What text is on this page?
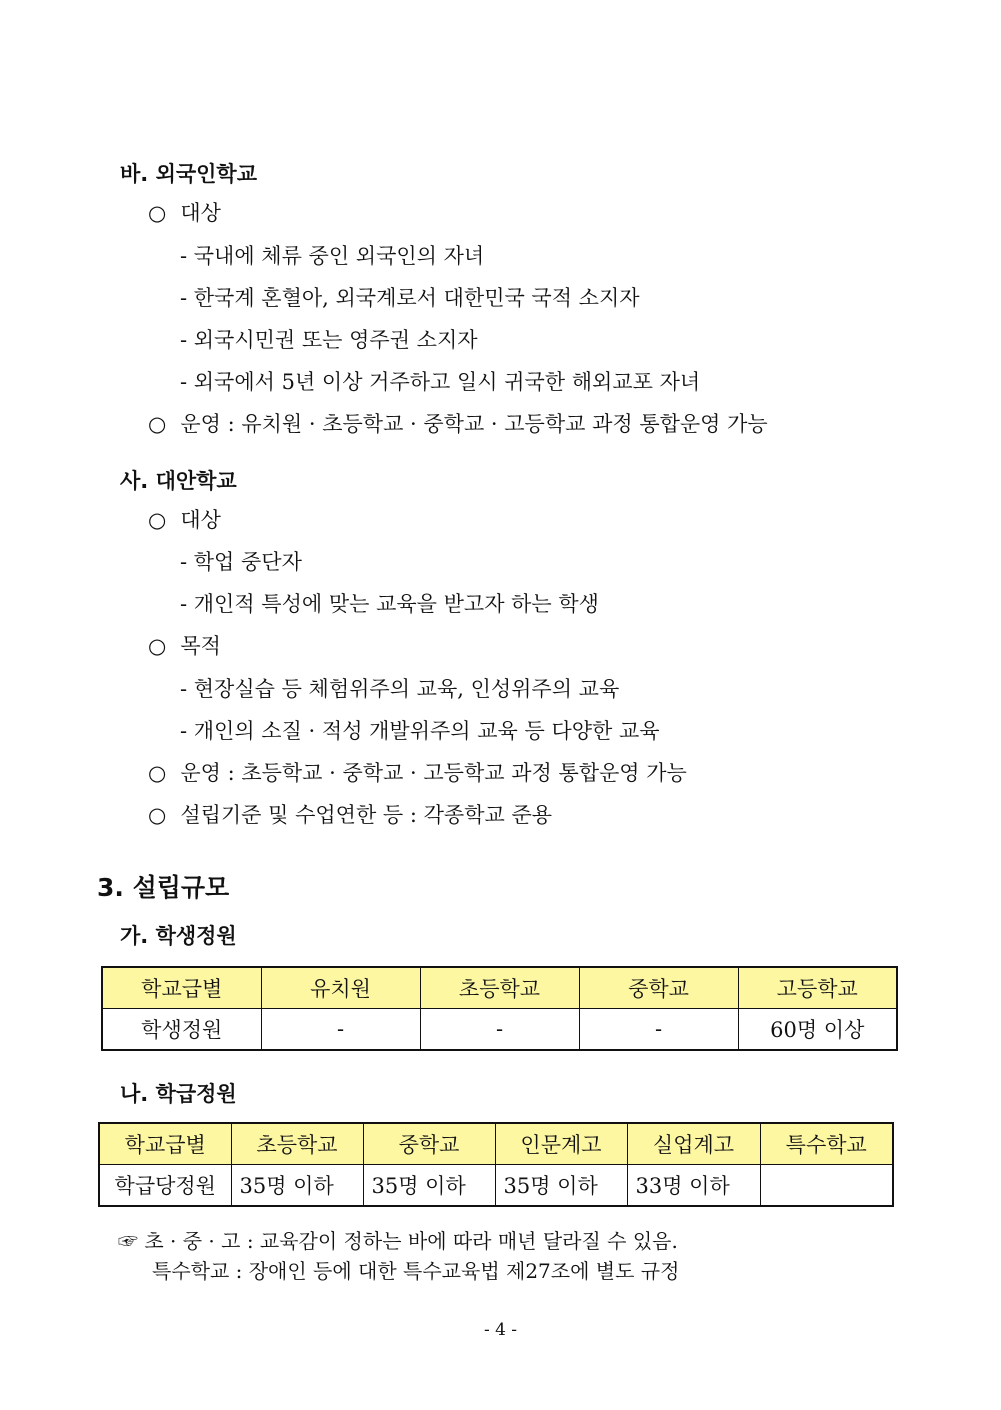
바. 외국인학교
○ 대상
- 국내에 체류 중인 외국인의 자녀
- 한국계 혼혈아, 외국계로서 대한민국 국적 소지자
- 외국시민권 또는 영주권 소지자
- 외국에서 5년 이상 거주하고 일시 귀국한 해외교포 자녀
○ 운영 : 유치원 · 초등학교 · 중학교 · 고등학교 과정 통합운영 가능
사. 대안학교
○ 대상
- 학업 중단자
- 개인적 특성에 맞는 교육을 받고자 하는 학생
○ 목적
- 현장실습 등 체험위주의 교육, 인성위주의 교육
- 개인의 소질 · 적성 개발위주의 교육 등 다양한 교육
○ 운영 : 초등학교 · 중학교 · 고등학교 과정 통합운영 가능
○ 설립기준 및 수업연한 등 : 각종학교 준용
3. 설립규모
가. 학생정원
학교급별	유치원	초등학교	중학교	고등학교
학생정원	-	-	-	60명 이상
나. 학급정원
학교급별	초등학교	중학교	인문계고	실업계고	특수학교
학급당정원	35명 이하	35명 이하	35명 이하	33명 이하	
☞ 초 · 중 · 고 : 교육감이 정하는 바에 따라 매년 달라질 수 있음.
특수학교 : 장애인 등에 대한 특수교육법 제27조에 별도 규정
- 4 -
